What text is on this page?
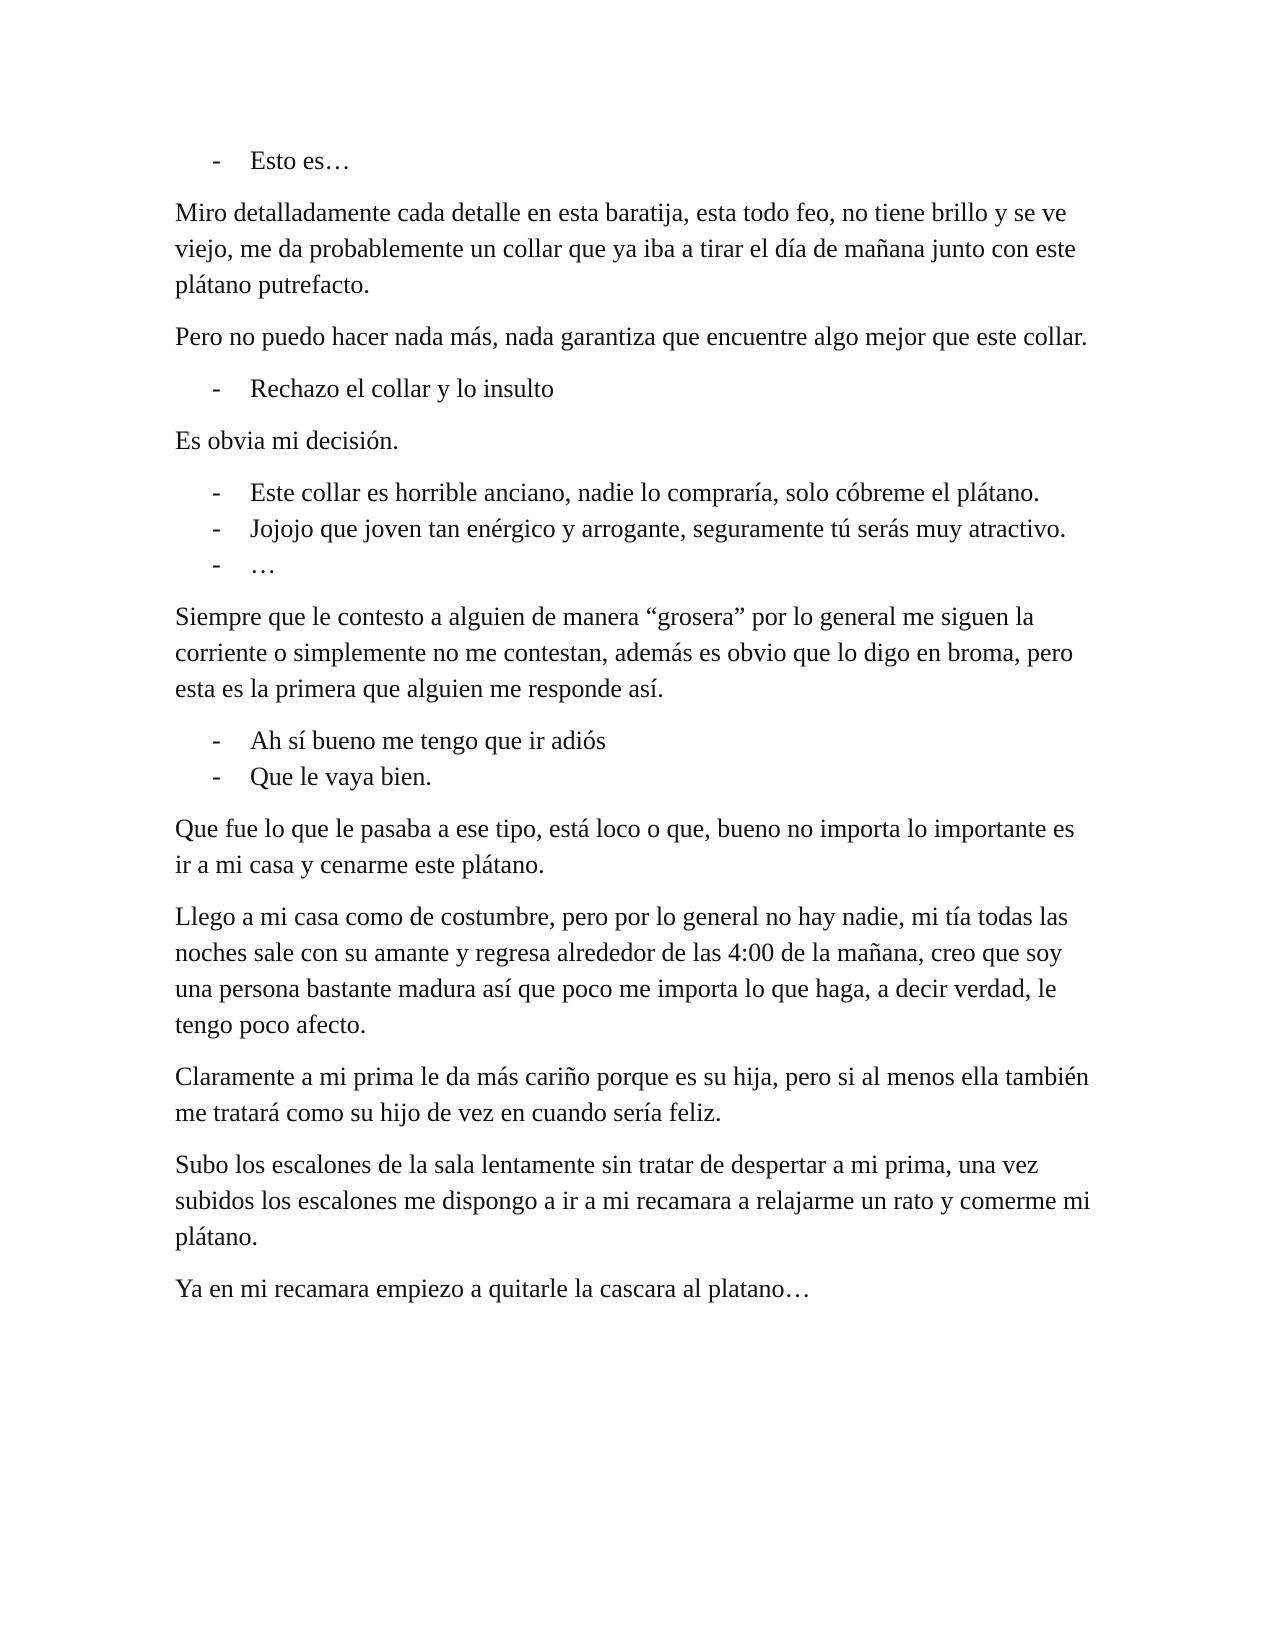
- Esto es…

Miro detalladamente cada detalle en esta baratija, esta todo feo, no tiene brillo y se ve viejo, me da probablemente un collar que ya iba a tirar el día de mañana junto con este plátano putrefacto.

Pero no puedo hacer nada más, nada garantiza que encuentre algo mejor que este collar.

- Rechazo el collar y lo insulto

Es obvia mi decisión.

- Este collar es horrible anciano, nadie lo compraría, solo cóbreme el plátano.
- Jojojo que joven tan enérgico y arrogante, seguramente tú serás muy atractivo.
- …

Siempre que le contesto a alguien de manera “grosera” por lo general me siguen la corriente o simplemente no me contestan, además es obvio que lo digo en broma, pero esta es la primera que alguien me responde así.

- Ah sí bueno me tengo que ir adiós
- Que le vaya bien.

Que fue lo que le pasaba a ese tipo, está loco o que, bueno no importa lo importante es ir a mi casa y cenarme este plátano.

Llego a mi casa como de costumbre, pero por lo general no hay nadie, mi tía todas las noches sale con su amante y regresa alrededor de las 4:00 de la mañana, creo que soy una persona bastante madura así que poco me importa lo que haga, a decir verdad, le tengo poco afecto.

Claramente a mi prima le da más cariño porque es su hija, pero si al menos ella también me tratará como su hijo de vez en cuando sería feliz.

Subo los escalones de la sala lentamente sin tratar de despertar a mi prima, una vez subidos los escalones me dispongo a ir a mi recamara a relajarme un rato y comerme mi plátano.

Ya en mi recamara empiezo a quitarle la cascara al platano…
